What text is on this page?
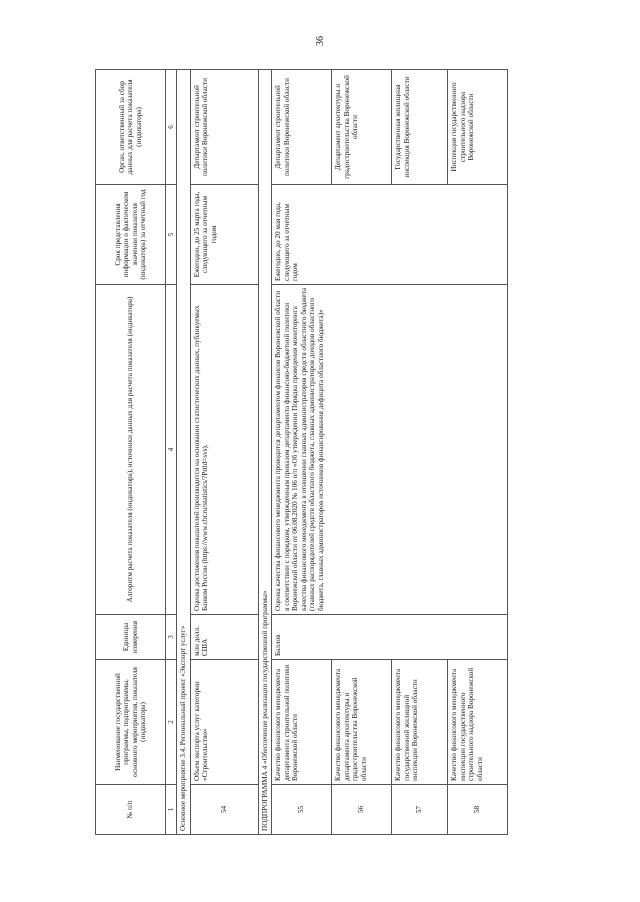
36
№ п/п	Наименование государственной программы, подпрограммы, основного мероприятия, показателя (индикатора)	Единицы измерения	Алгоритм расчета показателя (индикатора), источники данных для расчета показателя (индикатора)	Срок представления информации о фактическом значении показателя (индикатора) за отчетный год	Орган, ответственный за сбор данных для расчета показателя (индикатора)
1	2	3	4	5	6
Основное мероприятие 3.4. Региональный проект «Экспорт услуг»					
54	Объем экспорта услуг категории «Строительство»	млн долл. США	Оценка достижения показателей производится на основании статистических данных, публикуемых Банком России (https://www.cbr.ru/statistics/?Prtld=svs).	Ежегодно, до 25 марта года, следующего за отчетным годом	Департамент строительной политики Воронежской области
ПОДПРОГРАММА 4 «Обеспечение реализации государственной программы»					
55	Качество финансового менеджмента департамента строительной политики Воронежской области	Баллов	Оценка качества финансового менеджмента проводится департаментом финансов Воронежской области в соответствии с порядком, утвержденным приказом департамента финансово-бюджетной политики Воронежской области от 06.08.2020 № 106 о/п «Об утверждении Порядка проведения мониторинга качества финансового менеджмента в отношении главных администраторов средств областного бюджета (главных распорядителей средств областного бюджета, главных администраторов доходов областного бюджета, главных администраторов источников финансирования дефицита областного бюджета)»	Ежегодно, до 20 мая года, следующего за отчетным годом	Департамент строительной политики Воронежской области
56	Качество финансового менеджмента департамента архитектуры и градостроительства Воронежской области				Департамент архитектуры и градостроительства Воронежской области
57	Качество финансового менеджмента государственной жилищной инспекции Воронежской области				Государственная жилищная инспекция Воронежской области
58	Качество финансового менеджмента инспекции государственного строительного надзора Воронежской области				Инспекция государственного строительного надзора Воронежской области
